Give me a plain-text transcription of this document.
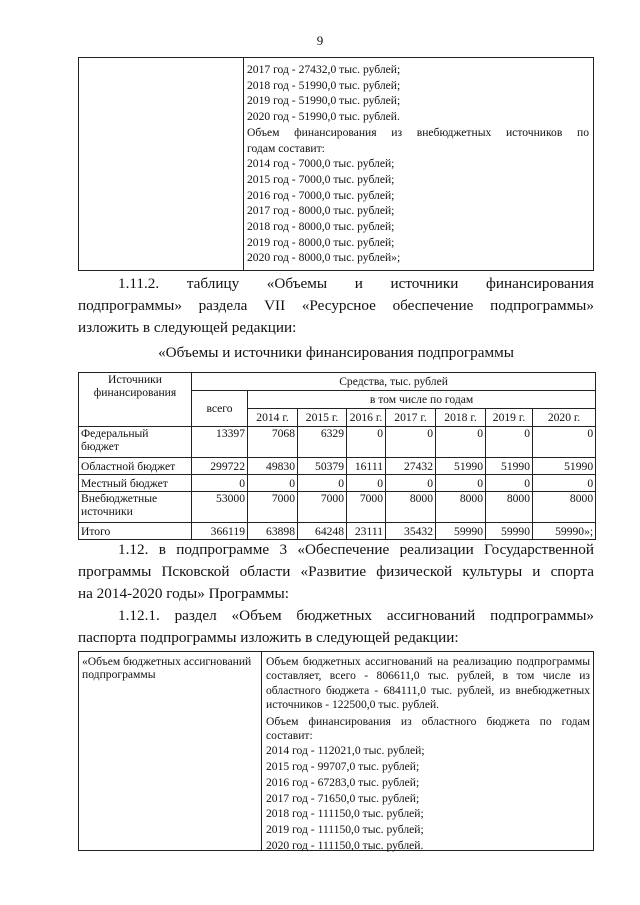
9
2017 год - 27432,0 тыс. рублей;
2018 год - 51990,0 тыс. рублей;
2019 год - 51990,0 тыс. рублей;
2020 год - 51990,0 тыс. рублей.
Объем финансирования из внебюджетных источников по
годам составит:
2014 год - 7000,0 тыс. рублей;
2015 год - 7000,0 тыс. рублей;
2016 год - 7000,0 тыс. рублей;
2017 год - 8000,0 тыс. рублей;
2018 год - 8000,0 тыс. рублей;
2019 год - 8000,0 тыс. рублей;
2020 год - 8000,0 тыс. рублей»;
1.11.2. таблицу «Объемы и источники финансирования
подпрограммы» раздела VII «Ресурсное обеспечение подпрограммы»
изложить в следующей редакции:
«Объемы и источники финансирования подпрограммы
Источники финансирования	Средства, тыс. рублей							
	всего	в том числе по годам						
		2014 г.	2015 г.	2016 г.	2017 г.	2018 г.	2019 г.	2020 г.
Федеральный бюджет	13397	7068	6329	0	0	0	0	0
Областной бюджет	299722	49830	50379	16111	27432	51990	51990	51990
Местный бюджет	0	0	0	0	0	0	0	0
Внебюджетные источники	53000	7000	7000	7000	8000	8000	8000	8000
Итого	366119	63898	64248	23111	35432	59990	59990	59990»;
1.12. в подпрограмме 3 «Обеспечение реализации Государственной
программы Псковской области «Развитие физической культуры и спорта
на 2014-2020 годы» Программы:
1.12.1. раздел «Объем бюджетных ассигнований подпрограммы»
паспорта подпрограммы изложить в следующей редакции:
«Объем бюджетных ассигнований подпрограммы
Объем бюджетных ассигнований на реализацию подпрограммы составляет, всего - 806611,0 тыс. рублей, в том числе из областного бюджета - 684111,0 тыс. рублей, из внебюджетных источников - 122500,0 тыс. рублей.
Объем финансирования из областного бюджета по годам составит:
2014 год - 112021,0 тыс. рублей;
2015 год - 99707,0 тыс. рублей;
2016 год - 67283,0 тыс. рублей;
2017 год - 71650,0 тыс. рублей;
2018 год - 111150,0 тыс. рублей;
2019 год - 111150,0 тыс. рублей;
2020 год - 111150,0 тыс. рублей.
